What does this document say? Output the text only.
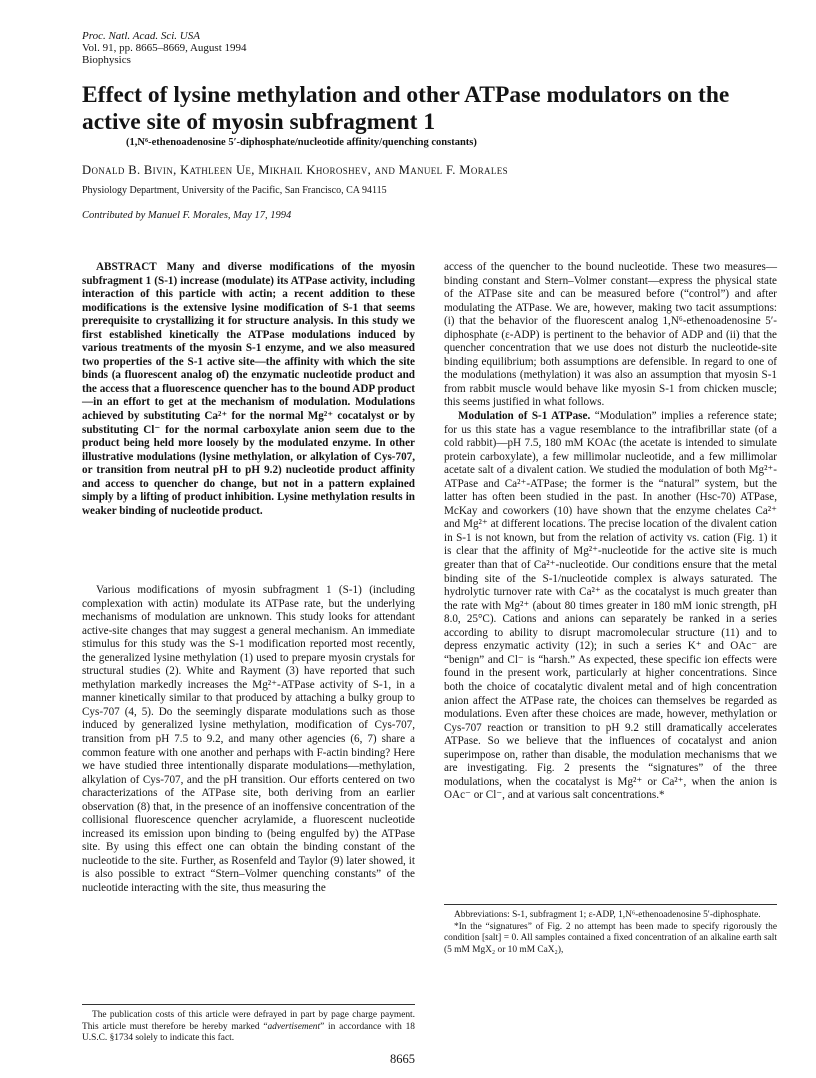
Proc. Natl. Acad. Sci. USA
Vol. 91, pp. 8665–8669, August 1994
Biophysics
Effect of lysine methylation and other ATPase modulators on the active site of myosin subfragment 1
(1,N⁶-ethenoadenosine 5′-diphosphate/nucleotide affinity/quenching constants)
Donald B. Bivin, Kathleen Ue, Mikhail Khoroshev, and Manuel F. Morales
Physiology Department, University of the Pacific, San Francisco, CA 94115
Contributed by Manuel F. Morales, May 17, 1994
ABSTRACT Many and diverse modifications of the myosin subfragment 1 (S-1) increase (modulate) its ATPase activity, including interaction of this particle with actin; a recent addition to these modifications is the extensive lysine modification of S-1 that seems prerequisite to crystallizing it for structure analysis. In this study we first established kinetically the ATPase modulations induced by various treatments of the myosin S-1 enzyme, and we also measured two properties of the S-1 active site—the affinity with which the site binds (a fluorescent analog of) the enzymatic nucleotide product and the access that a fluorescence quencher has to the bound ADP product—in an effort to get at the mechanism of modulation. Modulations achieved by substituting Ca²⁺ for the normal Mg²⁺ cocatalyst or by substituting Cl⁻ for the normal carboxylate anion seem due to the product being held more loosely by the modulated enzyme. In other illustrative modulations (lysine methylation, or alkylation of Cys-707, or transition from neutral pH to pH 9.2) nucleotide product affinity and access to quencher do change, but not in a pattern explained simply by a lifting of product inhibition. Lysine methylation results in weaker binding of nucleotide product.
Various modifications of myosin subfragment 1 (S-1) (including complexation with actin) modulate its ATPase rate, but the underlying mechanisms of modulation are unknown. This study looks for attendant active-site changes that may suggest a general mechanism. An immediate stimulus for this study was the S-1 modification reported most recently, the generalized lysine methylation (1) used to prepare myosin crystals for structural studies (2). White and Rayment (3) have reported that such methylation markedly increases the Mg²⁺-ATPase activity of S-1, in a manner kinetically similar to that produced by attaching a bulky group to Cys-707 (4, 5). Do the seemingly disparate modulations such as those induced by generalized lysine methylation, modification of Cys-707, transition from pH 7.5 to 9.2, and many other agencies (6, 7) share a common feature with one another and perhaps with F-actin binding? Here we have studied three intentionally disparate modulations—methylation, alkylation of Cys-707, and the pH transition. Our efforts centered on two characterizations of the ATPase site, both deriving from an earlier observation (8) that, in the presence of an inoffensive concentration of the collisional fluorescence quencher acrylamide, a fluorescent nucleotide increased its emission upon binding to (being engulfed by) the ATPase site. By using this effect one can obtain the binding constant of the nucleotide to the site. Further, as Rosenfeld and Taylor (9) later showed, it is also possible to extract “Stern–Volmer quenching constants” of the nucleotide interacting with the site, thus measuring the

The publication costs of this article were defrayed in part by page charge payment. This article must therefore be hereby marked “advertisement” in accordance with 18 U.S.C. §1734 solely to indicate this fact.

access of the quencher to the bound nucleotide. These two measures—binding constant and Stern–Volmer constant—express the physical state of the ATPase site and can be measured before (“control”) and after modulating the ATPase. We are, however, making two tacit assumptions: (i) that the behavior of the fluorescent analog 1,N⁶-ethenoadenosine 5′-diphosphate (ε-ADP) is pertinent to the behavior of ADP and (ii) that the quencher concentration that we use does not disturb the nucleotide-site binding equilibrium; both assumptions are defensible. In regard to one of the modulations (methylation) it was also an assumption that myosin S-1 from rabbit muscle would behave like myosin S-1 from chicken muscle; this seems justified in what follows.

Modulation of S-1 ATPase. “Modulation” implies a reference state; for us this state has a vague resemblance to the intrafibrillar state (of a cold rabbit)—pH 7.5, 180 mM KOAc (the acetate is intended to simulate protein carboxylate), a few millimolar nucleotide, and a few millimolar acetate salt of a divalent cation. We studied the modulation of both Mg²⁺-ATPase and Ca²⁺-ATPase; the former is the “natural” system, but the latter has often been studied in the past. In another (Hsc-70) ATPase, McKay and coworkers (10) have shown that the enzyme chelates Ca²⁺ and Mg²⁺ at different locations. The precise location of the divalent cation in S-1 is not known, but from the relation of activity vs. cation (Fig. 1) it is clear that the affinity of Mg²⁺-nucleotide for the active site is much greater than that of Ca²⁺-nucleotide. Our conditions ensure that the metal binding site of the S-1/nucleotide complex is always saturated. The hydrolytic turnover rate with Ca²⁺ as the cocatalyst is much greater than the rate with Mg²⁺ (about 80 times greater in 180 mM ionic strength, pH 8.0, 25°C). Cations and anions can separately be ranked in a series according to ability to disrupt macromolecular structure (11) and to depress enzymatic activity (12); in such a series K⁺ and OAc⁻ are “benign” and Cl⁻ is “harsh.” As expected, these specific ion effects were found in the present work, particularly at higher concentrations. Since both the choice of cocatalytic divalent metal and of high concentration anion affect the ATPase rate, the choices can themselves be regarded as modulations. Even after these choices are made, however, methylation or Cys-707 reaction or transition to pH 9.2 still dramatically accelerates ATPase. So we believe that the influences of cocatalyst and anion superimpose on, rather than disable, the modulation mechanisms that we are investigating. Fig. 2 presents the “signatures” of the three modulations, when the cocatalyst is Mg²⁺ or Ca²⁺, when the anion is OAc⁻ or Cl⁻, and at various salt concentrations.*

Abbreviations: S-1, subfragment 1; ε-ADP, 1,N⁶-ethenoadenosine 5′-diphosphate.

*In the “signatures” of Fig. 2 no attempt has been made to specify rigorously the condition [salt] = 0. All samples contained a fixed concentration of an alkaline earth salt (5 mM MgX₂ or 10 mM CaX₂),

8665
